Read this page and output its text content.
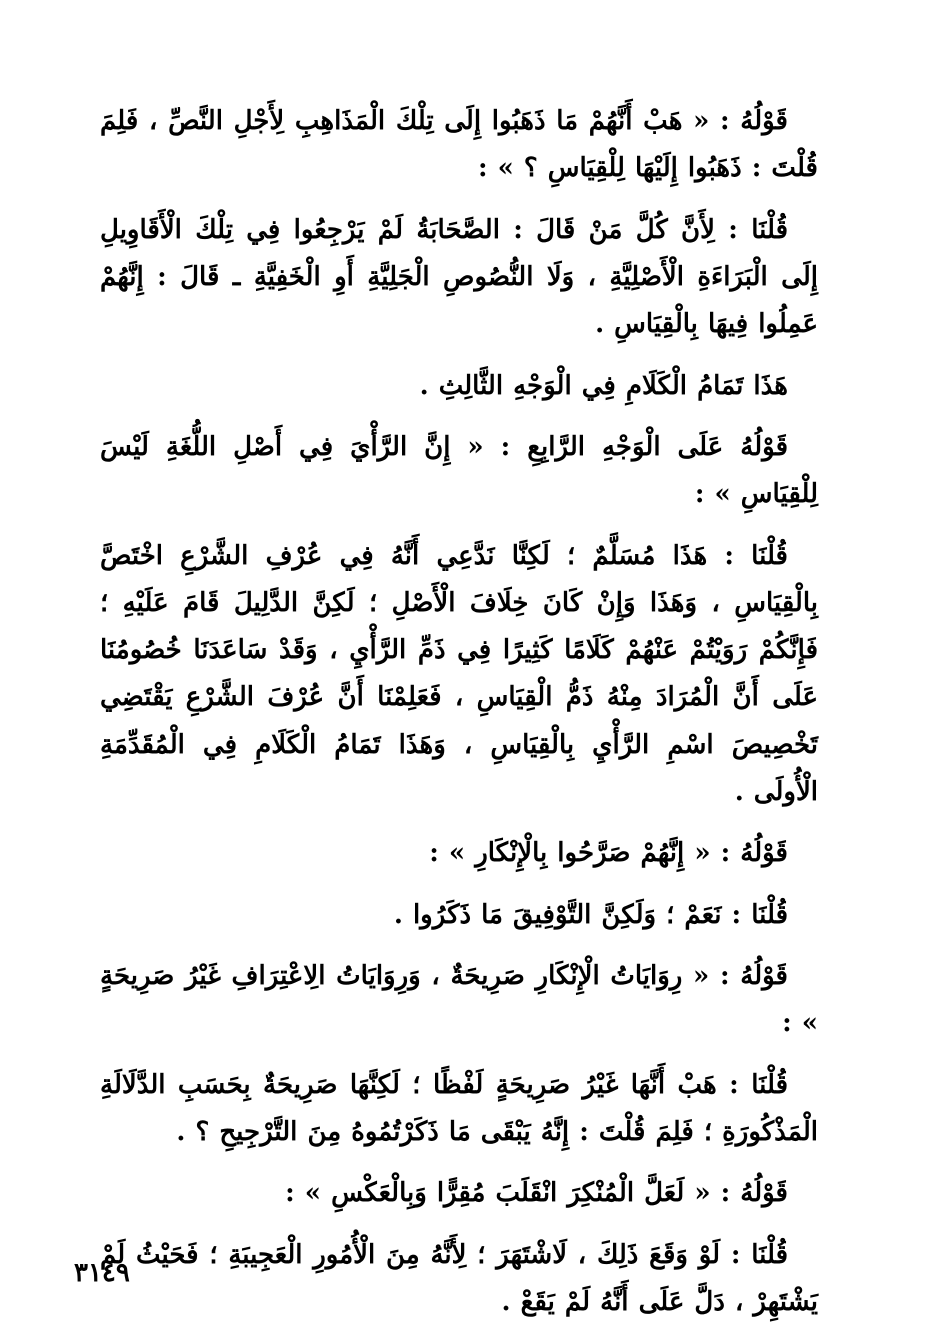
قَوْلُهُ : « هَبْ أَنَّهُمْ مَا ذَهَبُوا إِلَى تِلْكَ الْمَذَاهِبِ لِأَجْلِ النَّصِّ ، فَلِمَ قُلْتَ : ذَهَبُوا إِلَيْهَا لِلْقِيَاسِ ؟ » :

قُلْنَا : لِأَنَّ كُلَّ مَنْ قَالَ : الصَّحَابَةُ لَمْ يَرْجِعُوا فِي تِلْكَ الْأَقَاوِيلِ إِلَى الْبَرَاءَةِ الْأَصْلِيَّةِ ، وَلَا النُّصُوصِ الْجَلِيَّةِ أَوِ الْخَفِيَّةِ ـ قَالَ : إِنَّهُمْ عَمِلُوا فِيهَا بِالْقِيَاسِ .

هَذَا تَمَامُ الْكَلَامِ فِي الْوَجْهِ الثَّالِثِ .

قَوْلُهُ عَلَى الْوَجْهِ الرَّابِعِ : « إِنَّ الرَّأْيَ فِي أَصْلِ اللُّغَةِ لَيْسَ لِلْقِيَاسِ » :

قُلْنَا : هَذَا مُسَلَّمٌ ؛ لَكِنَّا نَدَّعِي أَنَّهُ فِي عُرْفِ الشَّرْعِ اخْتَصَّ بِالْقِيَاسِ ، وَهَذَا وَإِنْ كَانَ خِلَافَ الْأَصْلِ ؛ لَكِنَّ الدَّلِيلَ قَامَ عَلَيْهِ ؛ فَإِنَّكُمْ رَوَيْتُمْ عَنْهُمْ كَلَامًا كَثِيرًا فِي ذَمِّ الرَّأْيِ ، وَقَدْ سَاعَدَنَا خُصُومُنَا عَلَى أَنَّ الْمُرَادَ مِنْهُ ذَمُّ الْقِيَاسِ ، فَعَلِمْنَا أَنَّ عُرْفَ الشَّرْعِ يَقْتَضِي تَخْصِيصَ اسْمِ الرَّأْيِ بِالْقِيَاسِ ، وَهَذَا تَمَامُ الْكَلَامِ فِي الْمُقَدِّمَةِ الْأُولَى .

قَوْلُهُ : « إِنَّهُمْ صَرَّحُوا بِالْإِنْكَارِ » :

قُلْنَا : نَعَمْ ؛ وَلَكِنَّ التَّوْفِيقَ مَا ذَكَرُوا .

قَوْلُهُ : « رِوَايَاتُ الْإِنْكَارِ صَرِيحَةٌ ، وَرِوَايَاتُ الِاعْتِرَافِ غَيْرُ صَرِيحَةٍ » :

قُلْنَا : هَبْ أَنَّهَا غَيْرُ صَرِيحَةٍ لَفْظًا ؛ لَكِنَّهَا صَرِيحَةٌ بِحَسَبِ الدَّلَالَةِ الْمَذْكُورَةِ ؛ فَلِمَ قُلْتَ : إِنَّهُ يَبْقَى مَا ذَكَرْتُمُوهُ مِنَ التَّرْجِيحِ ؟ .

قَوْلُهُ : « لَعَلَّ الْمُنْكِرَ انْقَلَبَ مُقِرًّا وَبِالْعَكْسِ » :

قُلْنَا : لَوْ وَقَعَ ذَلِكَ ، لَاشْتَهَرَ ؛ لِأَنَّهُ مِنَ الْأُمُورِ الْعَجِيبَةِ ؛ فَحَيْثُ لَمْ يَشْتَهِرْ ، دَلَّ عَلَى أَنَّهُ لَمْ يَقَعْ .

٣١٤٩
